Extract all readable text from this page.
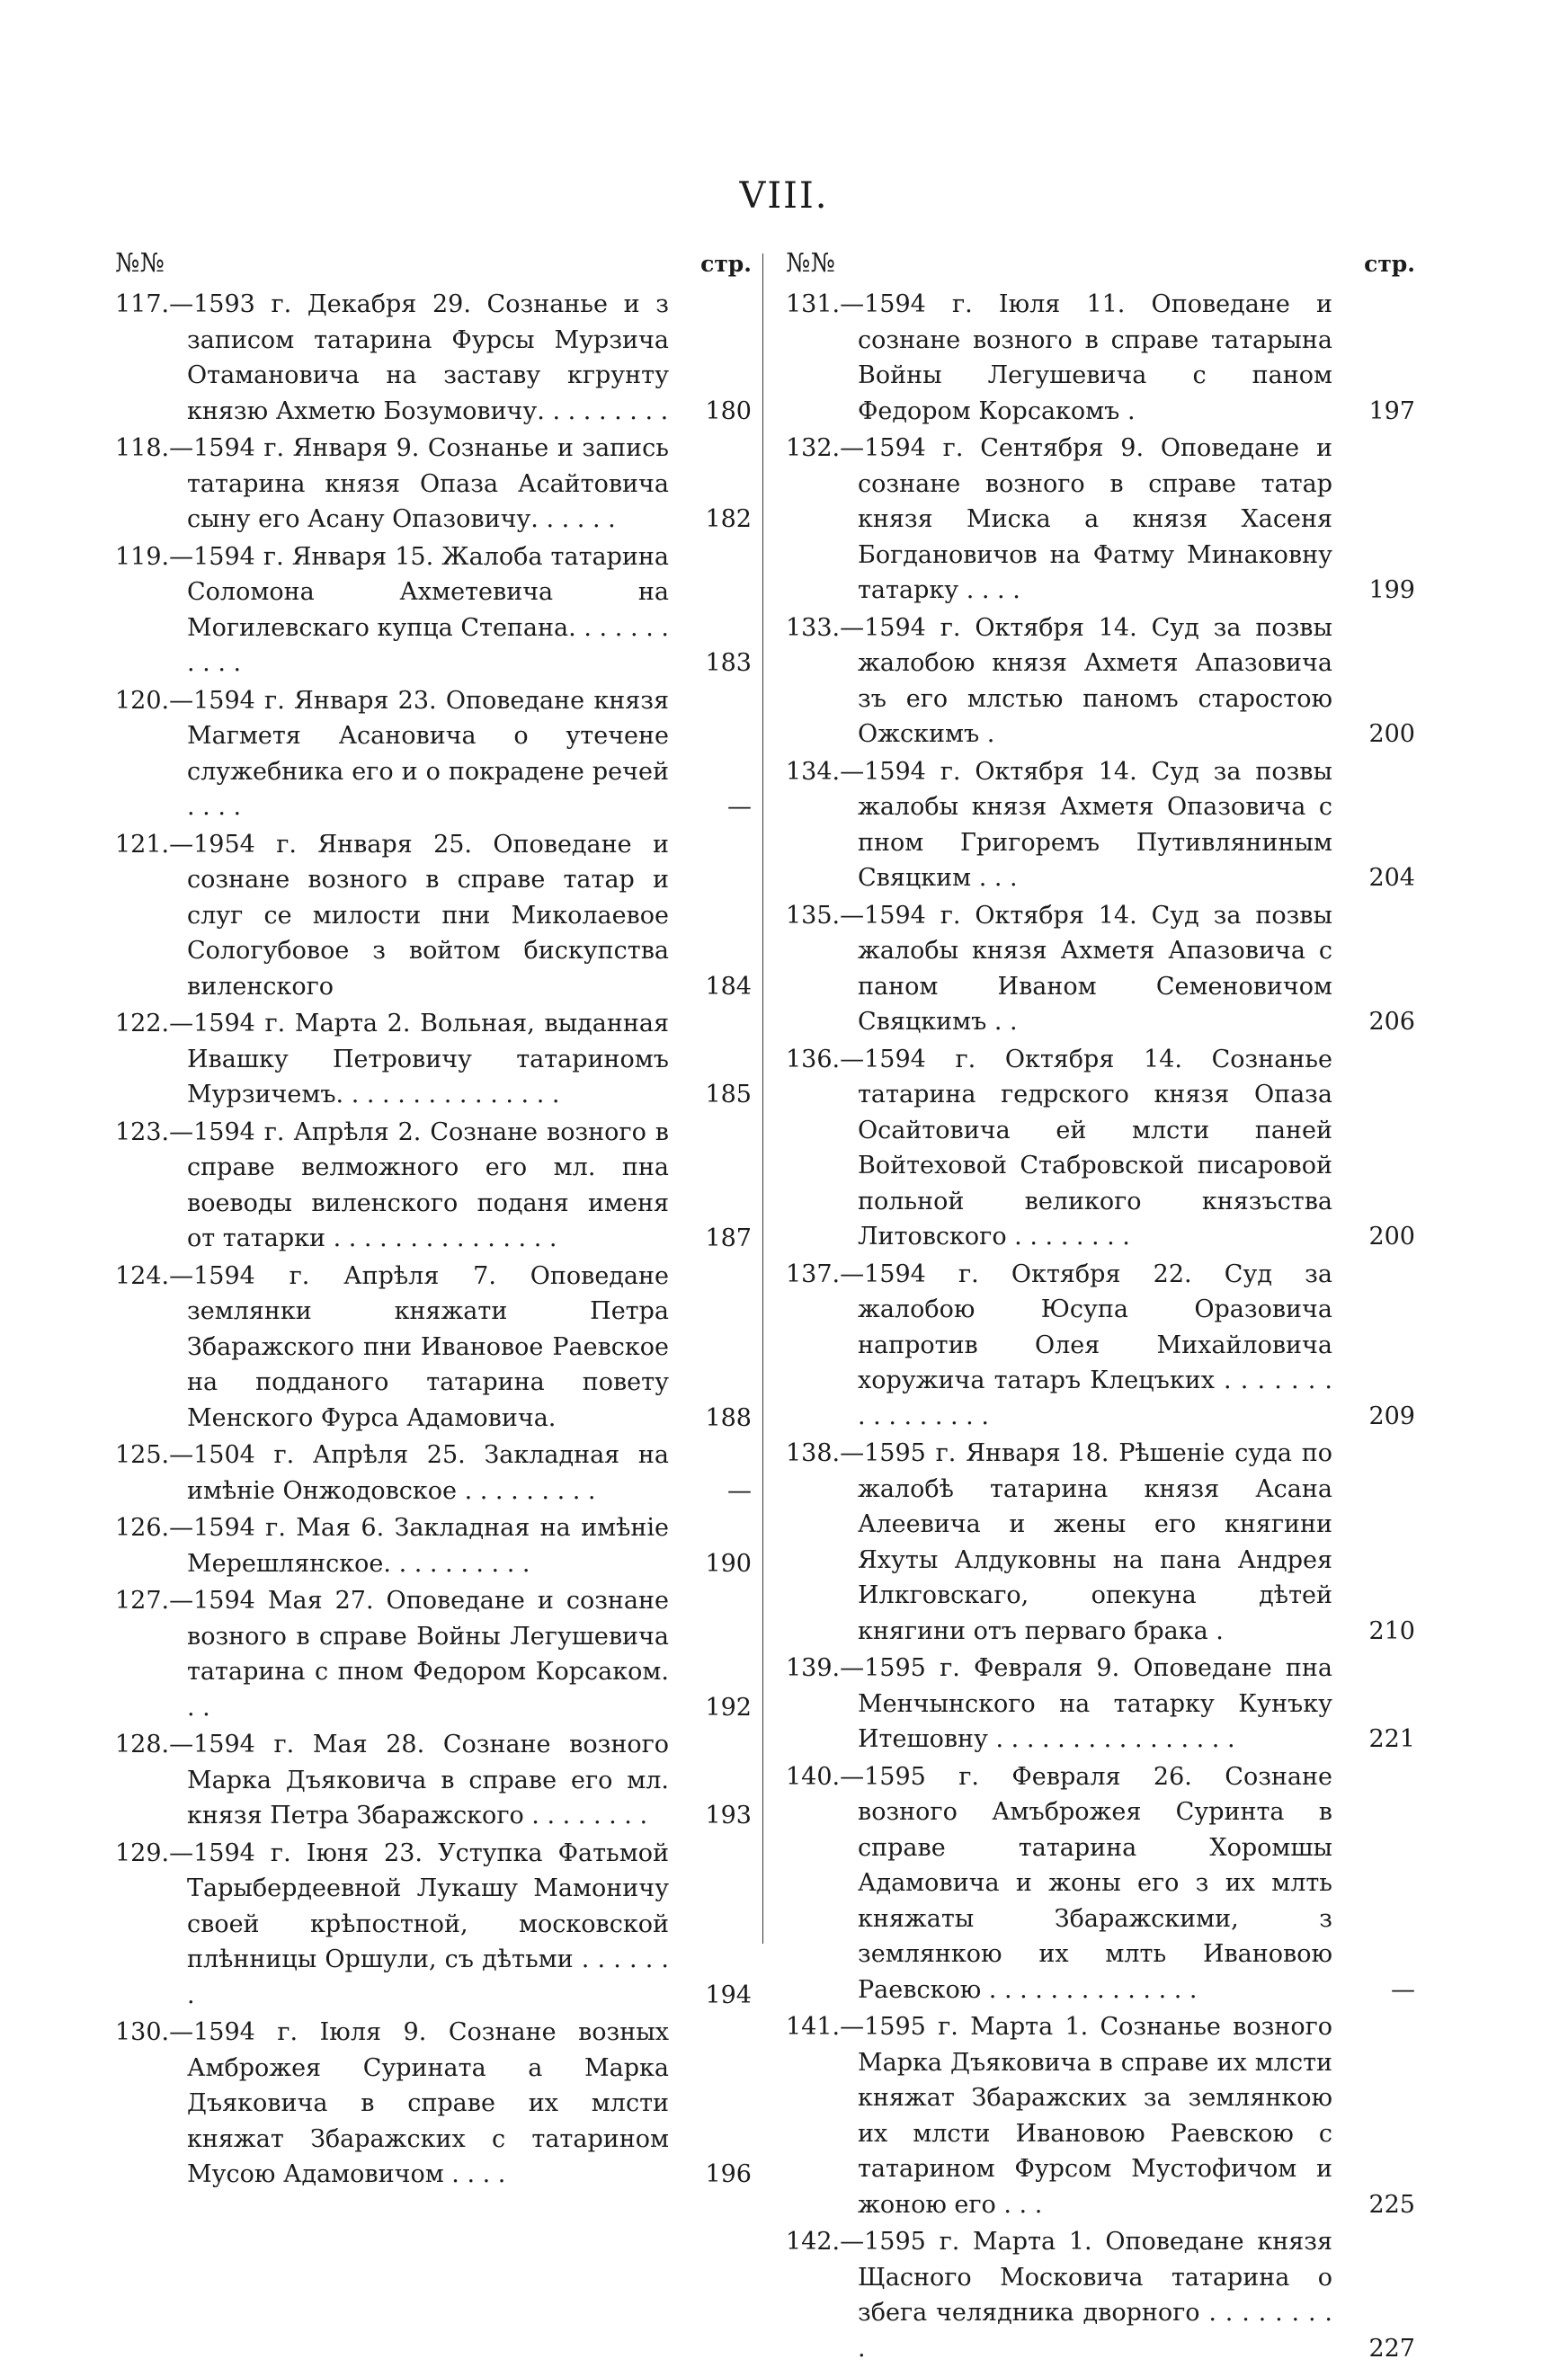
VIII.
№№	стр.
117.—1593 г. Декабря 29. Сознанье и з записом татарина Фурсы Мурзича Отамановича на заставу кгрунту князю Ахметю Бозумовичу. . . . . . . . .	180
118.—1594 г. Января 9. Сознанье и запись татарина князя Опаза Асайтовича сыну его Асану Опазовичу. . . . . .	182
119.—1594 г. Января 15. Жалоба татарина Соломона Ахметевича на Могилевскаго купца Степана. . . . . . . . . . .	183
120.—1594 г. Января 23. Оповедане князя Магметя Асановича о утечене служебника его и о покрадене речей . . . .	—
121.—1954 г. Января 25. Оповедане и сознане возного в справе татар и слуг се милости пни Миколаевое Сологубовое з войтом бискупства виленского	184
122.—1594 г. Марта 2. Вольная, выданная Ивашку Петровичу татариномъ Мурзичемъ. . . . . . . . . . . . . . .	185
123.—1594 г. Апрѣля 2. Сознане возного в справе велможного его мл. пна воеводы виленского поданя именя от татарки . . . . . . . . . . . . . . .	187
124.—1594 г. Апрѣля 7. Оповедане землянки княжати Петра Збаражского пни Ивановое Раевское на подданого татарина повету Менского Фурса Адамовича.	188
125.—1504 г. Апрѣля 25. Закладная на имѣніе Онжодовское . . . . . . . . .	—
126.—1594 г. Мая 6. Закладная на имѣніе Мерешлянское. . . . . . . . . .	190
127.—1594 Мая 27. Оповедане и сознане возного в справе Войны Легушевича татарина с пном Федором Корсаком. . .	192
128.—1594 г. Мая 28. Сознане возного Марка Дъяковича в справе его мл. князя Петра Збаражского . . . . . . . .	193
129.—1594 г. Іюня 23. Уступка Фатьмой Тарыбердеевной Лукашу Мамоничу своей крѣпостной, московской плѣнницы Оршули, съ дѣтьми . . . . . . .	194
130.—1594 г. Іюля 9. Сознане возных Амброжея Сурината а Марка Дъяковича в справе их млсти княжат Збаражских с татарином Мусою Адамовичом . . . .	196
№№	стр.
131.—1594 г. Іюля 11. Оповедане и сознане возного в справе татарына Войны Легушевича с паном Федором Корсакомъ .	197
132.—1594 г. Сентября 9. Оповедане и сознане возного в справе татар князя Миска а князя Хасеня Богдановичов на Фатму Минаковну татарку . . . .	199
133.—1594 г. Октября 14. Суд за позвы жалобою князя Ахметя Апазовича зъ его млстью паномъ старостою Ожскимъ .	200
134.—1594 г. Октября 14. Суд за позвы жалобы князя Ахметя Опазовича с пном Григоремъ Путивляниным Свяцким . . .	204
135.—1594 г. Октября 14. Суд за позвы жалобы князя Ахметя Апазовича с паном Иваном Семеновичом Свяцкимъ . .	206
136.—1594 г. Октября 14. Сознанье татарина гедрского князя Опаза Осайтовича ей млсти паней Войтеховой Стабровской писаровой польной великого князъства Литовского . . . . . . . .	200
137.—1594 г. Октября 22. Суд за жалобою Юсупа Оразовича напротив Олея Михайловича хоружича татаръ Клецъких . . . . . . . . . . . . . . . .	209
138.—1595 г. Января 18. Рѣшеніе суда по жалобѣ татарина князя Асана Алеевича и жены его княгини Яхуты Алдуковны на пана Андрея Илкговскаго, опекуна дѣтей княгини отъ перваго брака .	210
139.—1595 г. Февраля 9. Оповедане пна Менчынского на татарку Кунъку Итешовну . . . . . . . . . . . . . . . .	221
140.—1595 г. Февраля 26. Сознане возного Амъброжея Суринта в справе татарина Хоромшы Адамовича и жоны его з их млть княжаты Збаражскими, з землянкою их млть Ивановою Раевскою . . . . . . . . . . . . . .	—
141.—1595 г. Марта 1. Сознанье возного Марка Дъяковича в справе их млсти княжат Збаражских за землянкою их млсти Ивановою Раевскою с татарином Фурсом Мустофичом и жоною его . . .	225
142.—1595 г. Марта 1. Оповедане князя Щасного Московича татарина о збега челядника дворного . . . . . . . . .	227
